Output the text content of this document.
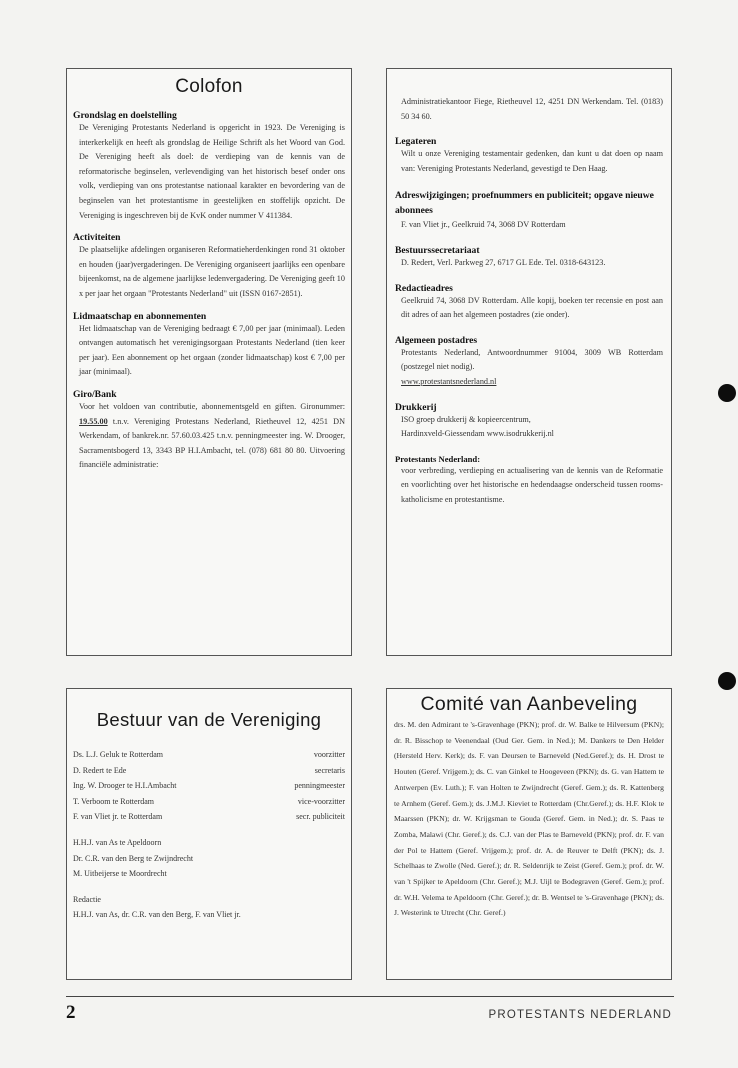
Colofon

Grondslag en doelstelling

De Vereniging Protestants Nederland is opgericht in 1923. De Vereniging is interkerkelijk en heeft als grondslag de Heilige Schrift als het Woord van God. De Vereniging heeft als doel: de verdieping van de kennis van de reformatorische beginselen, verlevendiging van het historisch besef onder ons volk, verdieping van ons protestantse nationaal karakter en bevordering van de beginselen van het protestantisme in geestelijken en stoffelijk opzicht. De Vereniging is ingeschreven bij de KvK onder nummer V 411384.

Activiteiten

De plaatselijke afdelingen organiseren Reformatieherdenkingen rond 31 oktober en houden (jaar)vergaderingen. De Vereniging organiseert jaarlijks een openbare bijeenkomst, na de algemene jaarlijkse ledenvergadering. De Vereniging geeft 10 x per jaar het orgaan "Protestants Nederland" uit (ISSN 0167-2851).

Lidmaatschap en abonnementen

Het lidmaatschap van de Vereniging bedraagt € 7,00 per jaar (minimaal). Leden ontvangen automatisch het verenigingsorgaan Protestants Nederland (tien keer per jaar). Een abonnement op het orgaan (zonder lidmaatschap) kost € 7,00 per jaar (minimaal).

Giro/Bank

Voor het voldoen van contributie, abonnementsgeld en giften. Gironummer: 19.55.00 t.n.v. Vereniging Protestans Nederland, Rietheuvel 12, 4251 DN Werkendam, of bankrek.nr. 57.60.03.425 t.n.v. penningmeester ing. W. Drooger, Sacramentsbogerd 13, 3343 BP H.I.Ambacht, tel. (078) 681 80 80. Uitvoering financiële administratie:

Administratiekantoor Fiege, Rietheuvel 12, 4251 DN Werkendam. Tel. (0183) 50 34 60.

Legateren

Wilt u onze Vereniging testamentair gedenken, dan kunt u dat doen op naam van: Vereniging Protestants Nederland, gevestigd te Den Haag.

Adreswijzigingen; proefnummers en publiciteit; opgave nieuwe abonnees

F. van Vliet jr., Geelkruid 74, 3068 DV Rotterdam

Bestuurssecretariaat

D. Redert, Verl. Parkweg 27, 6717 GL Ede. Tel. 0318-643123.

Redactieadres

Geelkruid 74, 3068 DV Rotterdam. Alle kopij, boeken ter recensie en post aan dit adres of aan het algemeen postadres (zie onder).

Algemeen postadres

Protestants Nederland, Antwoordnummer 91004, 3009 WB Rotterdam (postzegel niet nodig).

www.protestantsnederland.nl

Drukkerij

ISO groep drukkerij & kopieercentrum,

Hardinxveld-Giessendam www.isodrukkerij.nl

Protestants Nederland:

voor verbreding, verdieping en actualisering van de kennis van de Reformatie en voorlichting over het historische en hedendaagse onderscheid tussen rooms-katholicisme en protestantisme.

Bestuur van de Vereniging
Ds. L.J. Geluk te Rotterdam	voorzitter
D. Redert te Ede	secretaris
Ing. W. Drooger te H.I.Ambacht	penningmeester
T. Verboom te Rotterdam	vice-voorzitter
F. van Vliet jr. te Rotterdam	secr. publiciteit
H.H.J. van As te Apeldoorn
Dr. C.R. van den Berg te Zwijndrecht
M. Uitbeijerse te Moordrecht
Redactie
H.H.J. van As, dr. C.R. van den Berg, F. van Vliet jr.
Comité van Aanbeveling

drs. M. den Admirant te 's-Gravenhage (PKN); prof. dr. W. Balke te Hilversum (PKN); dr. R. Bisschop te Veenendaal (Oud Ger. Gem. in Ned.); M. Dankers te Den Helder (Hersteld Herv. Kerk); ds. F. van Deursen te Barneveld (Ned.Geref.); ds. H. Drost te Houten (Geref. Vrijgem.); ds. C. van Ginkel te Hoogeveen (PKN); ds. G. van Hattem te Antwerpen (Ev. Luth.); F. van Holten te Zwijndrecht (Geref. Gem.); ds. R. Kattenberg te Arnhem (Geref. Gem.); ds. J.M.J. Kieviet te Rotterdam (Chr.Geref.); ds. H.F. Klok te Maarssen (PKN); dr. W. Krijgsman te Gouda (Geref. Gem. in Ned.); dr. S. Paas te Zomba, Malawi (Chr. Geref.); ds. C.J. van der Plas te Barneveld (PKN); prof. dr. F. van der Pol te Hattem (Geref. Vrijgem.); prof. dr. A. de Reuver te Delft (PKN); ds. J. Schelhaas te Zwolle (Ned. Geref.); dr. R. Seldenrijk te Zeist (Geref. Gem.); prof. dr. W. van 't Spijker te Apeldoorn (Chr. Geref.); M.J. Uijl te Bodegraven (Geref. Gem.); prof. dr. W.H. Velema te Apeldoorn (Chr. Geref.); dr. B. Wentsel te 's-Gravenhage (PKN); ds. J. Westerink te Utrecht (Chr. Geref.)

2	PROTESTANTS NEDERLAND
